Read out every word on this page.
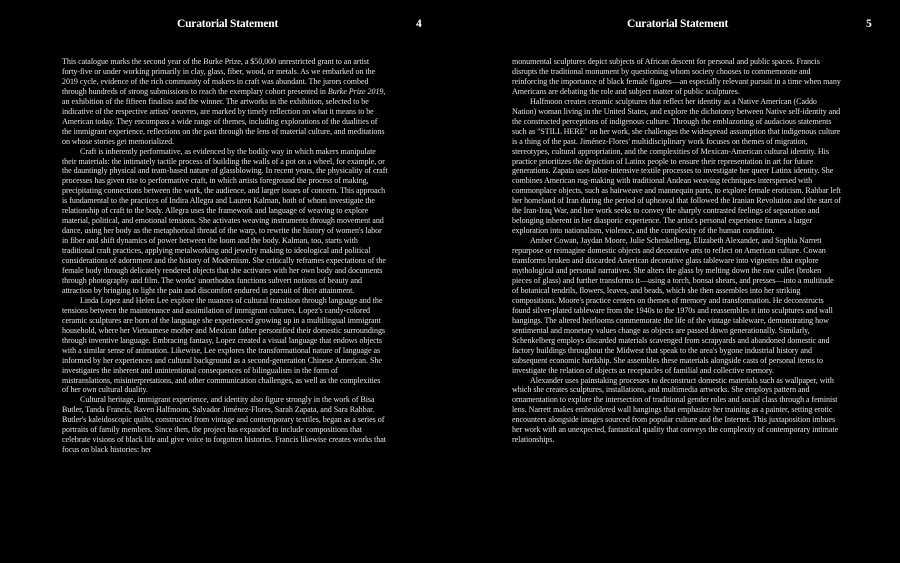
Curatorial Statement	4

This catalogue marks the second year of the Burke Prize, a $50,000 unrestricted grant to an artist forty-five or under working primarily in clay, glass, fiber, wood, or metals. As we embarked on the 2019 cycle, evidence of the rich community of makers in craft was abundant. The jurors combed through hundreds of strong submissions to reach the exemplary cohort presented in Burke Prize 2019, an exhibition of the fifteen finalists and the winner. The artworks in the exhibition, selected to be indicative of the respective artists' oeuvres, are marked by timely reflection on what it means to be American today. They encompass a wide range of themes, including explorations of the dualities of the immigrant experience, reflections on the past through the lens of material culture, and meditations on whose stories get memorialized.

Craft is inherently performative, as evidenced by the bodily way in which makers manipulate their materials: the intimately tactile process of building the walls of a pot on a wheel, for example, or the dauntingly physical and team-based nature of glassblowing. In recent years, the physicality of craft processes has given rise to performative craft, in which artists foreground the process of making, precipitating connections between the work, the audience, and larger issues of concern. This approach is fundamental to the practices of Indira Allegra and Lauren Kalman, both of whom investigate the relationship of craft to the body. Allegra uses the framework and language of weaving to explore material, political, and emotional tensions. She activates weaving instruments through movement and dance, using her body as the metaphorical thread of the warp, to rewrite the history of women's labor in fiber and shift dynamics of power between the loom and the body. Kalman, too, starts with traditional craft practices, applying metalworking and jewelry making to ideological and political considerations of adornment and the history of Modernism. She critically reframes expectations of the female body through delicately rendered objects that she activates with her own body and documents through photography and film. The works' unorthodox functions subvert notions of beauty and attraction by bringing to light the pain and discomfort endured in pursuit of their attainment.

Linda Lopez and Helen Lee explore the nuances of cultural transition through language and the tensions between the maintenance and assimilation of immigrant cultures. Lopez's candy-colored ceramic sculptures are born of the language she experienced growing up in a multilingual immigrant household, where her Vietnamese mother and Mexican father personified their domestic surroundings through inventive language. Embracing fantasy, Lopez created a visual language that endows objects with a similar sense of animation. Likewise, Lee explores the transformational nature of language as informed by her experiences and cultural background as a second-generation Chinese American. She investigates the inherent and unintentional consequences of bilingualism in the form of mistranslations, misinterpretations, and other communication challenges, as well as the complexities of her own cultural duality.

Cultural heritage, immigrant experience, and identity also figure strongly in the work of Bisa Butler, Tanda Francis, Raven Halfmoon, Salvador Jiménez-Flores, Sarah Zapata, and Sara Rahbar. Butler's kaleidoscopic quilts, constructed from vintage and contemporary textiles, began as a series of portraits of family members. Since then, the project has expanded to include compositions that celebrate visions of black life and give voice to forgotten histories. Francis likewise creates works that focus on black histories: her

Curatorial Statement	5

monumental sculptures depict subjects of African descent for personal and public spaces. Francis disrupts the traditional monument by questioning whom society chooses to commemorate and reinforcing the importance of black female figures—an especially relevant pursuit in a time when many Americans are debating the role and subject matter of public sculptures.

Halfmoon creates ceramic sculptures that reflect her identity as a Native American (Caddo Nation) woman living in the United States, and explore the dichotomy between Native self-identity and the constructed perceptions of indigenous culture. Through the emblazoning of audacious statements such as "STILL HERE" on her work, she challenges the widespread assumption that indigenous culture is a thing of the past. Jiménez-Flores' multidisciplinary work focuses on themes of migration, stereotypes, cultural appropriation, and the complexities of Mexican-American cultural identity. His practice prioritizes the depiction of Latinx people to ensure their representation in art for future generations. Zapata uses labor-intensive textile processes to investigate her queer Latinx identity. She combines American rug-making with traditional Andean weaving techniques interspersed with commonplace objects, such as hairweave and mannequin parts, to explore female eroticism. Rahbar left her homeland of Iran during the period of upheaval that followed the Iranian Revolution and the start of the Iran-Iraq War, and her work seeks to convey the sharply contrasted feelings of separation and belonging inherent in her diasporic experience. The artist's personal experience frames a larger exploration into nationalism, violence, and the complexity of the human condition.

Amber Cowan, Jaydan Moore, Julie Schenkelberg, Elizabeth Alexander, and Sophia Narrett repurpose or reimagine domestic objects and decorative arts to reflect on American culture. Cowan transforms broken and discarded American decorative glass tableware into vignettes that explore mythological and personal narratives. She alters the glass by melting down the raw cullet (broken pieces of glass) and further transforms it—using a torch, bonsai shears, and presses—into a multitude of botanical tendrils, flowers, leaves, and beads, which she then assembles into her striking compositions. Moore's practice centers on themes of memory and transformation. He deconstructs found silver-plated tableware from the 1940s to the 1970s and reassembles it into sculptures and wall hangings. The altered heirlooms commemorate the life of the vintage tableware, demonstrating how sentimental and monetary values change as objects are passed down generationally. Similarly, Schenkelberg employs discarded materials scavenged from scrapyards and abandoned domestic and factory buildings throughout the Midwest that speak to the area's bygone industrial history and subsequent economic hardship. She assembles these materials alongside casts of personal items to investigate the relation of objects as receptacles of familial and collective memory.

Alexander uses painstaking processes to deconstruct domestic materials such as wallpaper, with which she creates sculptures, installations, and multimedia artworks. She employs pattern and ornamentation to explore the intersection of traditional gender roles and social class through a feminist lens. Narrett makes embroidered wall hangings that emphasize her training as a painter, setting erotic encounters alongside images sourced from popular culture and the Internet. This juxtaposition imbues her work with an unexpected, fantastical quality that conveys the complexity of contemporary intimate relationships.
